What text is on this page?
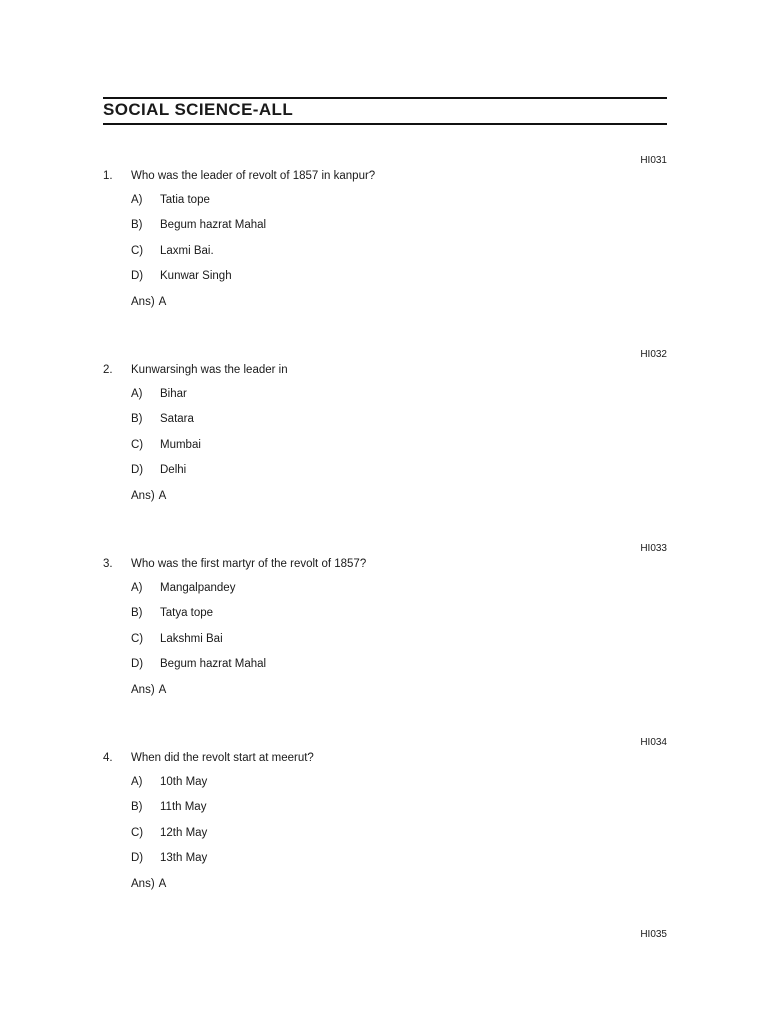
SOCIAL SCIENCE-ALL
HI031
1. Who was the leader of revolt of 1857 in kanpur?
A) Tatia tope
B) Begum hazrat Mahal
C) Laxmi Bai.
D) Kunwar Singh
Ans) A
HI032
2. Kunwarsingh was the leader in
A) Bihar
B) Satara
C) Mumbai
D) Delhi
Ans) A
HI033
3. Who was the first martyr of the revolt of 1857?
A) Mangalpandey
B) Tatya tope
C) Lakshmi Bai
D) Begum hazrat Mahal
Ans) A
HI034
4. When did the revolt start at meerut?
A) 10th May
B) 11th May
C) 12th May
D) 13th May
Ans) A
HI035
